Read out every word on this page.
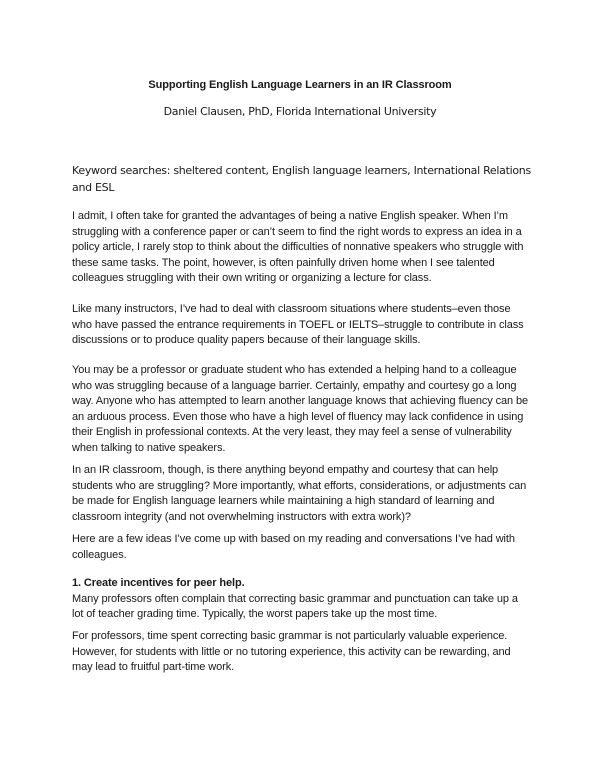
Supporting English Language Learners in an IR Classroom
Daniel Clausen, PhD, Florida International University
Keyword searches: sheltered content, English language learners, International Relations and ESL
I admit, I often take for granted the advantages of being a native English speaker. When I’m struggling with a conference paper or can’t seem to find the right words to express an idea in a policy article, I rarely stop to think about the difficulties of nonnative speakers who struggle with these same tasks. The point, however, is often painfully driven home when I see talented colleagues struggling with their own writing or organizing a lecture for class.
Like many instructors, I’ve had to deal with classroom situations where students–even those who have passed the entrance requirements in TOEFL or IELTS–struggle to contribute in class discussions or to produce quality papers because of their language skills.
You may be a professor or graduate student who has extended a helping hand to a colleague who was struggling because of a language barrier. Certainly, empathy and courtesy go a long way. Anyone who has attempted to learn another language knows that achieving fluency can be an arduous process. Even those who have a high level of fluency may lack confidence in using their English in professional contexts. At the very least, they may feel a sense of vulnerability when talking to native speakers.
In an IR classroom, though, is there anything beyond empathy and courtesy that can help students who are struggling? More importantly, what efforts, considerations, or adjustments can be made for English language learners while maintaining a high standard of learning and classroom integrity (and not overwhelming instructors with extra work)?
Here are a few ideas I’ve come up with based on my reading and conversations I’ve had with colleagues.
1. Create incentives for peer help.
Many professors often complain that correcting basic grammar and punctuation can take up a lot of teacher grading time. Typically, the worst papers take up the most time.
For professors, time spent correcting basic grammar is not particularly valuable experience. However, for students with little or no tutoring experience, this activity can be rewarding, and may lead to fruitful part-time work.
